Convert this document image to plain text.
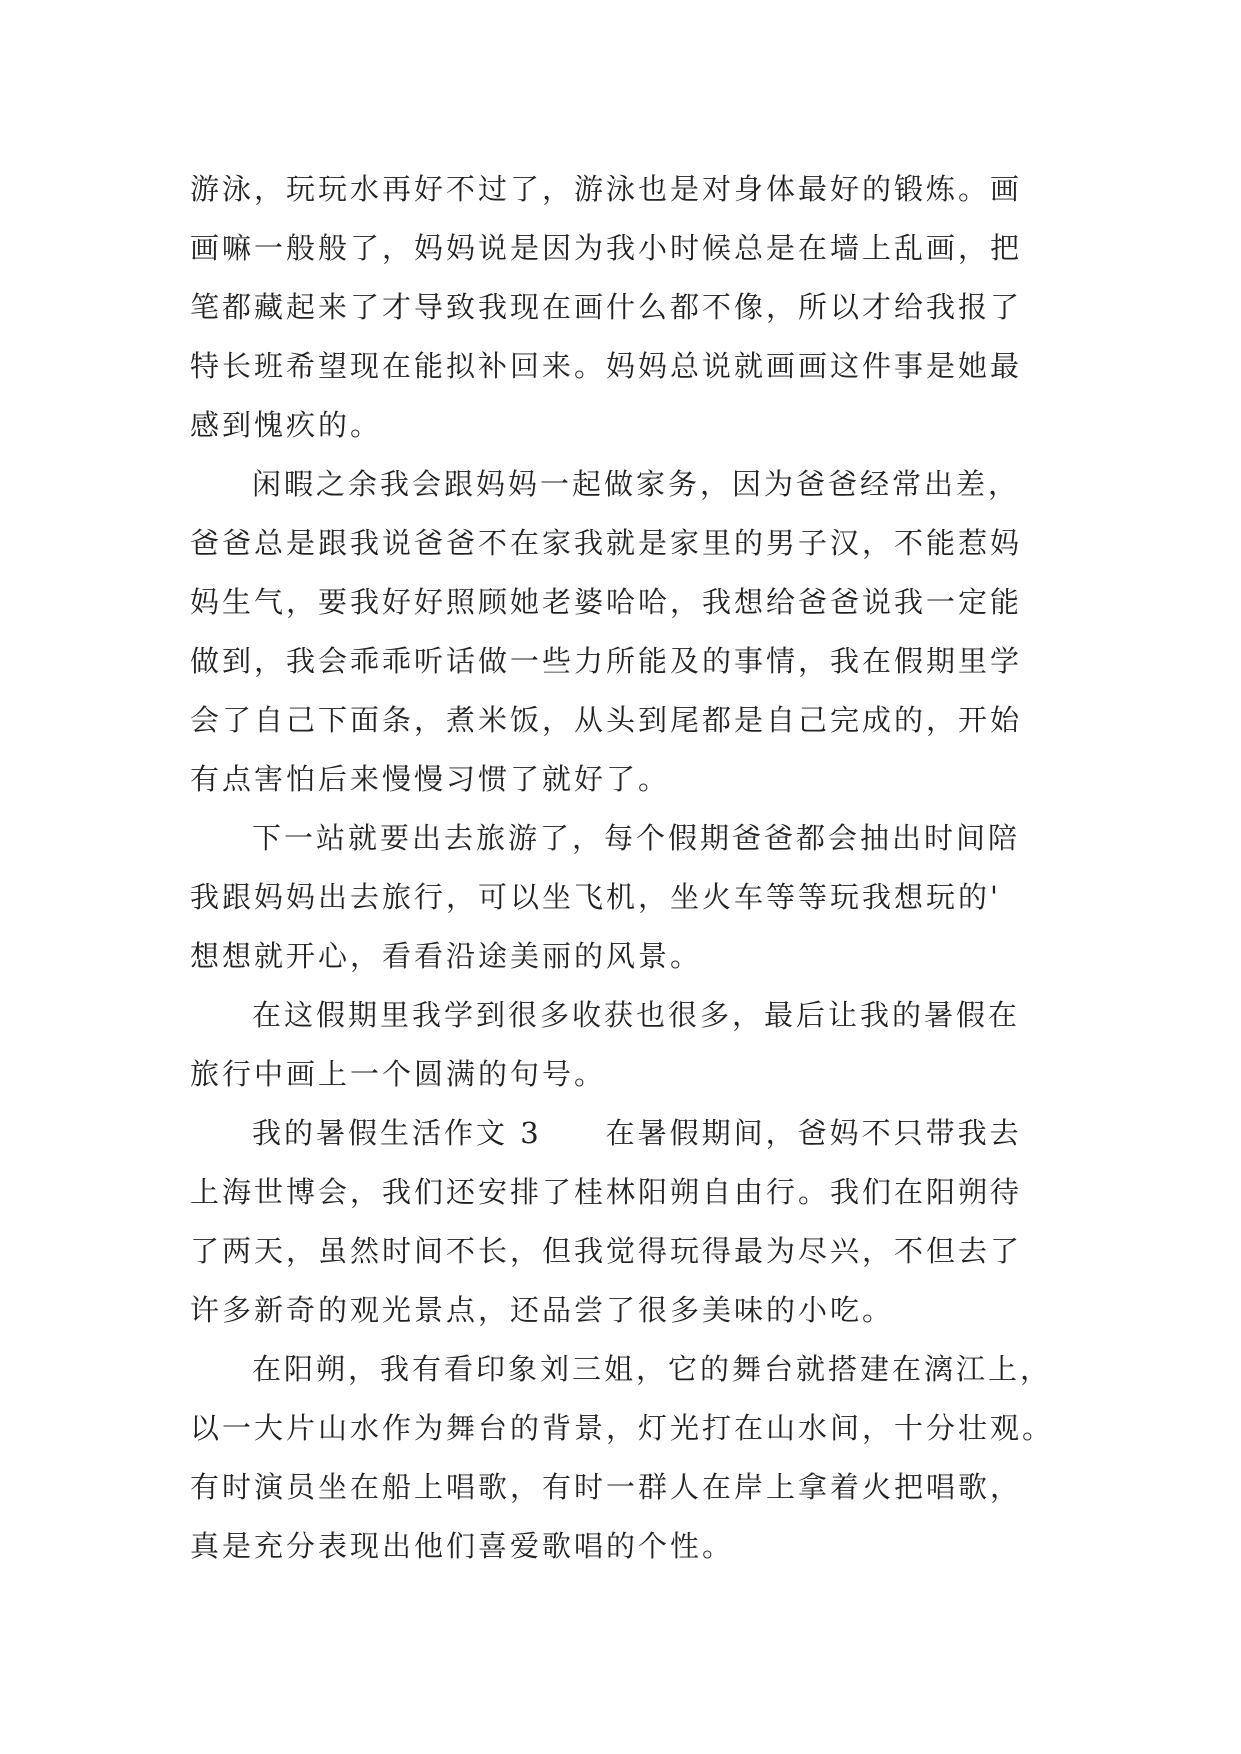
游泳，玩玩水再好不过了，游泳也是对身体最好的锻炼。画
画嘛一般般了，妈妈说是因为我小时候总是在墙上乱画，把
笔都藏起来了才导致我现在画什么都不像，所以才给我报了
特长班希望现在能拟补回来。妈妈总说就画画这件事是她最
感到愧疚的。
闲暇之余我会跟妈妈一起做家务，因为爸爸经常出差，
爸爸总是跟我说爸爸不在家我就是家里的男子汉，不能惹妈
妈生气，要我好好照顾她老婆哈哈，我想给爸爸说我一定能
做到，我会乖乖听话做一些力所能及的事情，我在假期里学
会了自己下面条，煮米饭，从头到尾都是自己完成的，开始
有点害怕后来慢慢习惯了就好了。
下一站就要出去旅游了，每个假期爸爸都会抽出时间陪
我跟妈妈出去旅行，可以坐飞机，坐火车等等玩我想玩的'
想想就开心，看看沿途美丽的风景。
在这假期里我学到很多收获也很多，最后让我的暑假在
旅行中画上一个圆满的句号。
我的暑假生活作文 3　　在暑假期间，爸妈不只带我去
上海世博会，我们还安排了桂林阳朔自由行。我们在阳朔待
了两天，虽然时间不长，但我觉得玩得最为尽兴，不但去了
许多新奇的观光景点，还品尝了很多美味的小吃。
在阳朔，我有看印象刘三姐，它的舞台就搭建在漓江上，
以一大片山水作为舞台的背景，灯光打在山水间，十分壮观。
有时演员坐在船上唱歌，有时一群人在岸上拿着火把唱歌，
真是充分表现出他们喜爱歌唱的个性。
